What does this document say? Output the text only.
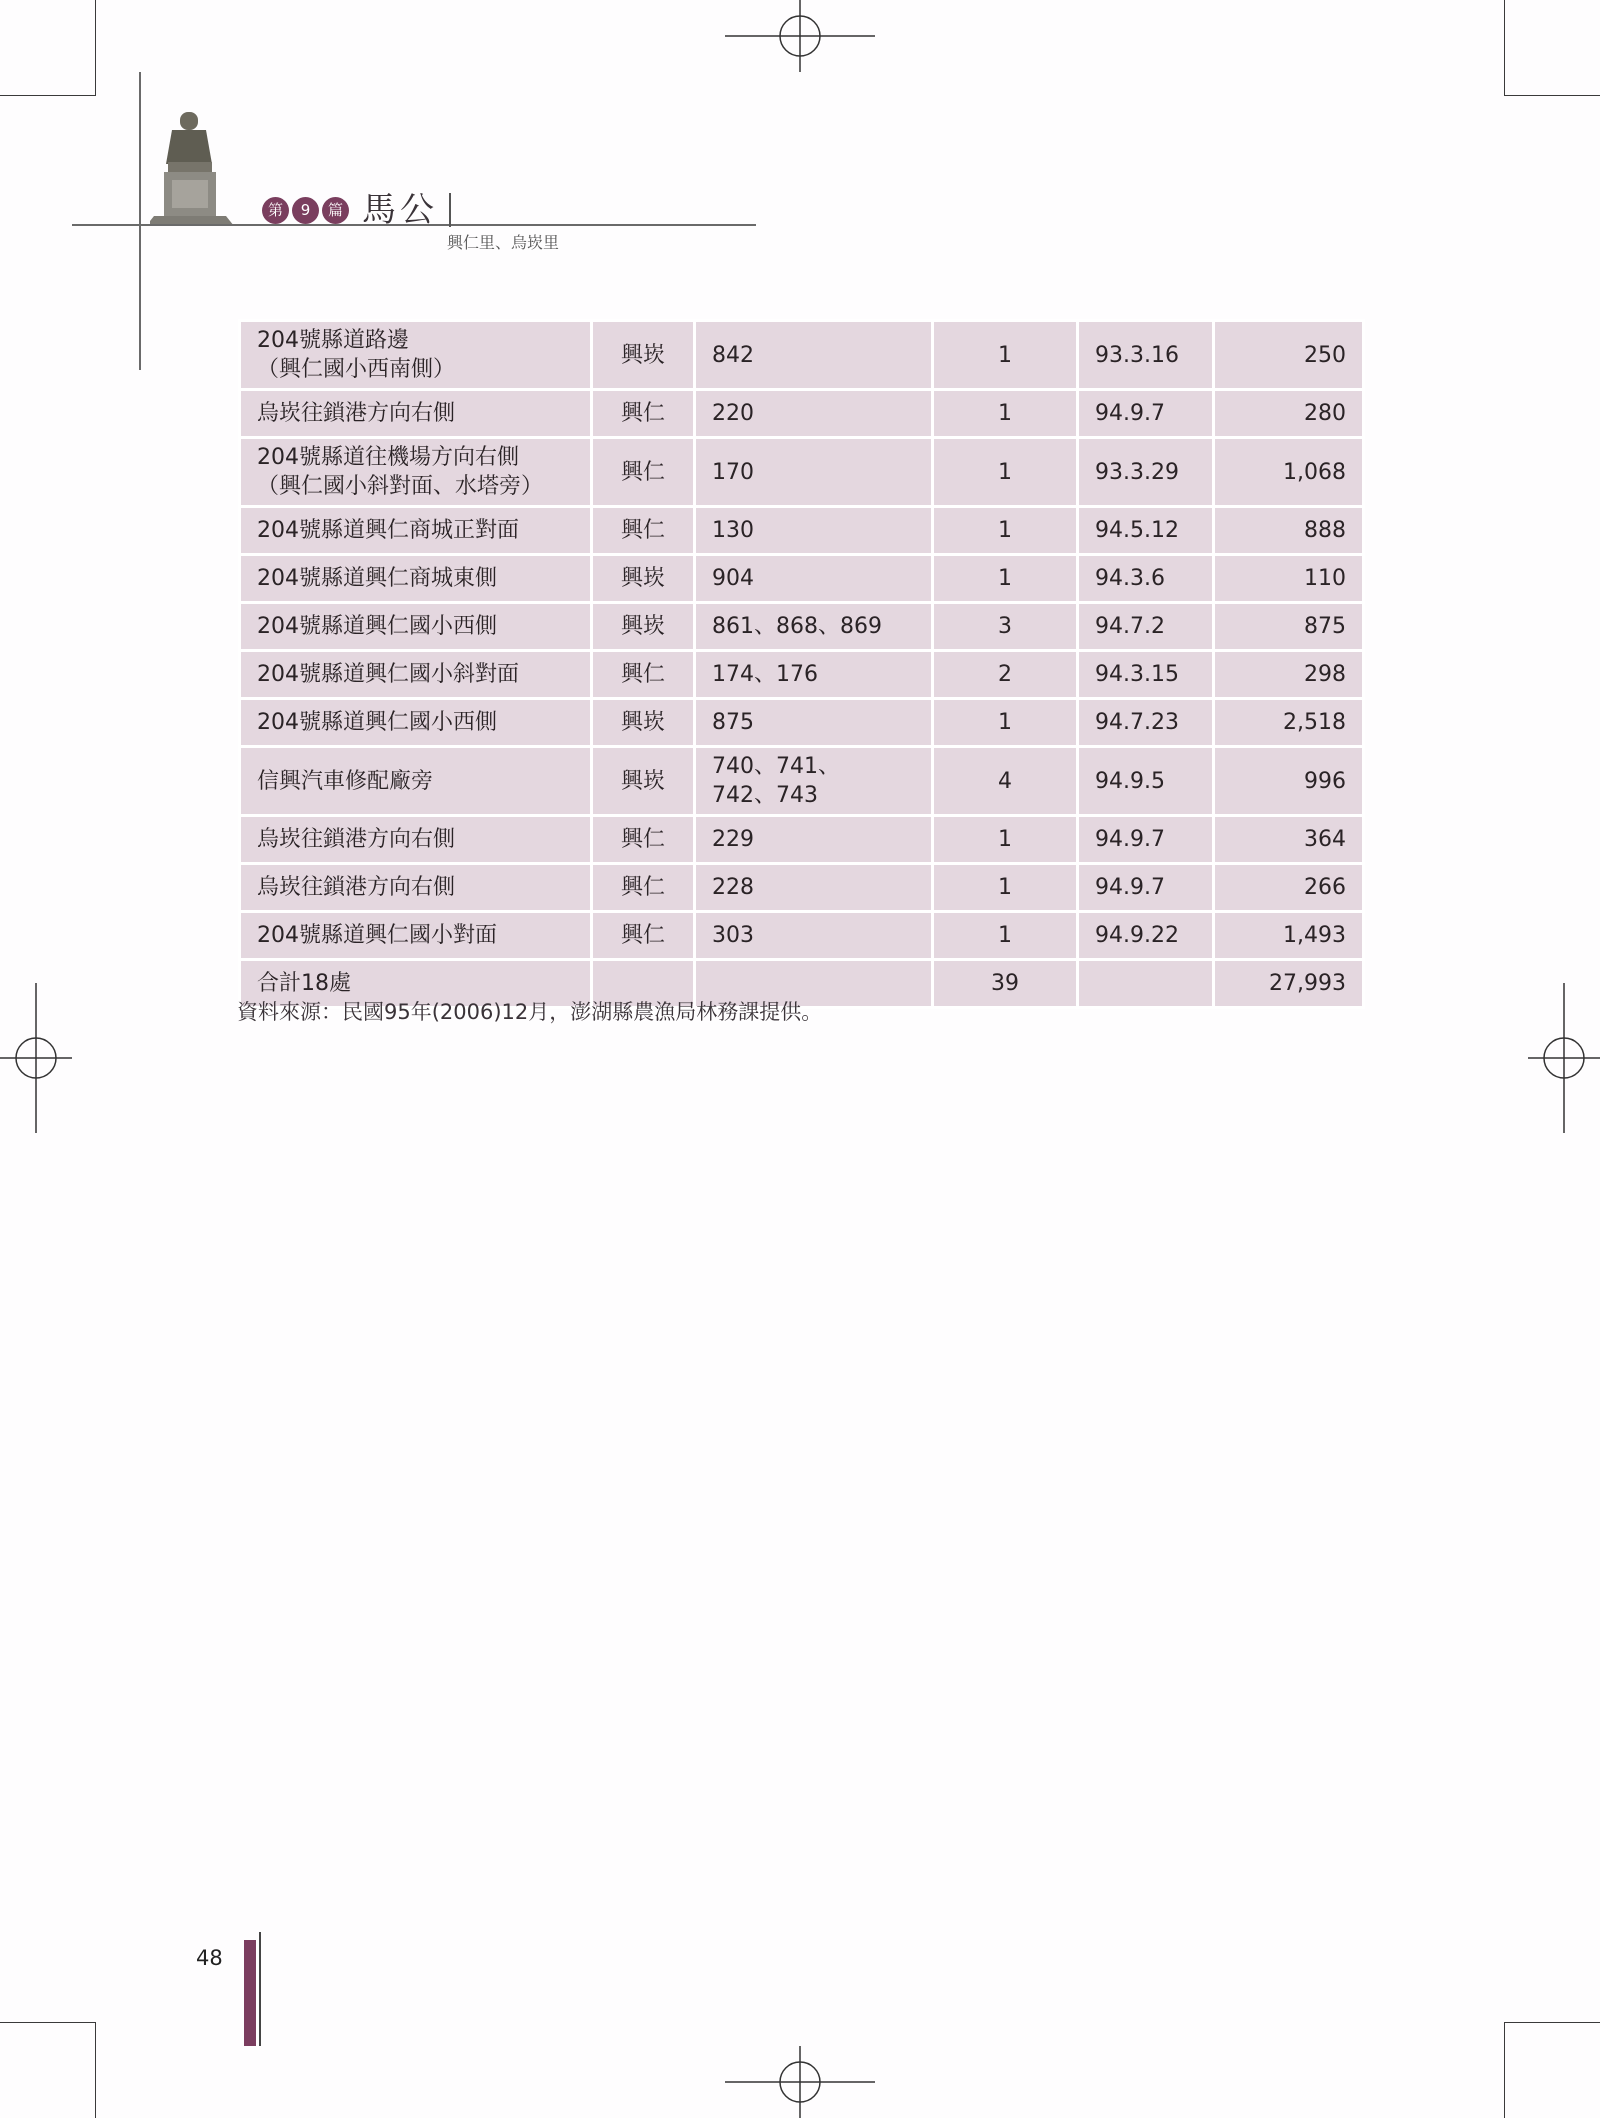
第	9	篇 馬公
興仁里、烏崁里
204號縣道路邊
（興仁國小西南側）	興崁	842	1	93.3.16	250

烏崁往鎖港方向右側	興仁	220	1	94.9.7	280

204號縣道往機場方向右側
（興仁國小斜對面、水塔旁）	興仁	170	1	93.3.29	1,068

204號縣道興仁商城正對面	興仁	130	1	94.5.12	888

204號縣道興仁商城東側	興崁	904	1	94.3.6	110

204號縣道興仁國小西側	興崁	861、868、869	3	94.7.2	875

204號縣道興仁國小斜對面	興仁	174、176	2	94.3.15	298

204號縣道興仁國小西側	興崁	875	1	94.7.23	2,518

信興汽車修配廠旁	興崁	740、741、
742、743	4	94.9.5	996

烏崁往鎖港方向右側	興仁	229	1	94.9.7	364

烏崁往鎖港方向右側	興仁	228	1	94.9.7	266

204號縣道興仁國小對面	興仁	303	1	94.9.22	1,493
合計18處			39		27,993
資料來源：民國95年(2006)12月，澎湖縣農漁局林務課提供。
48
